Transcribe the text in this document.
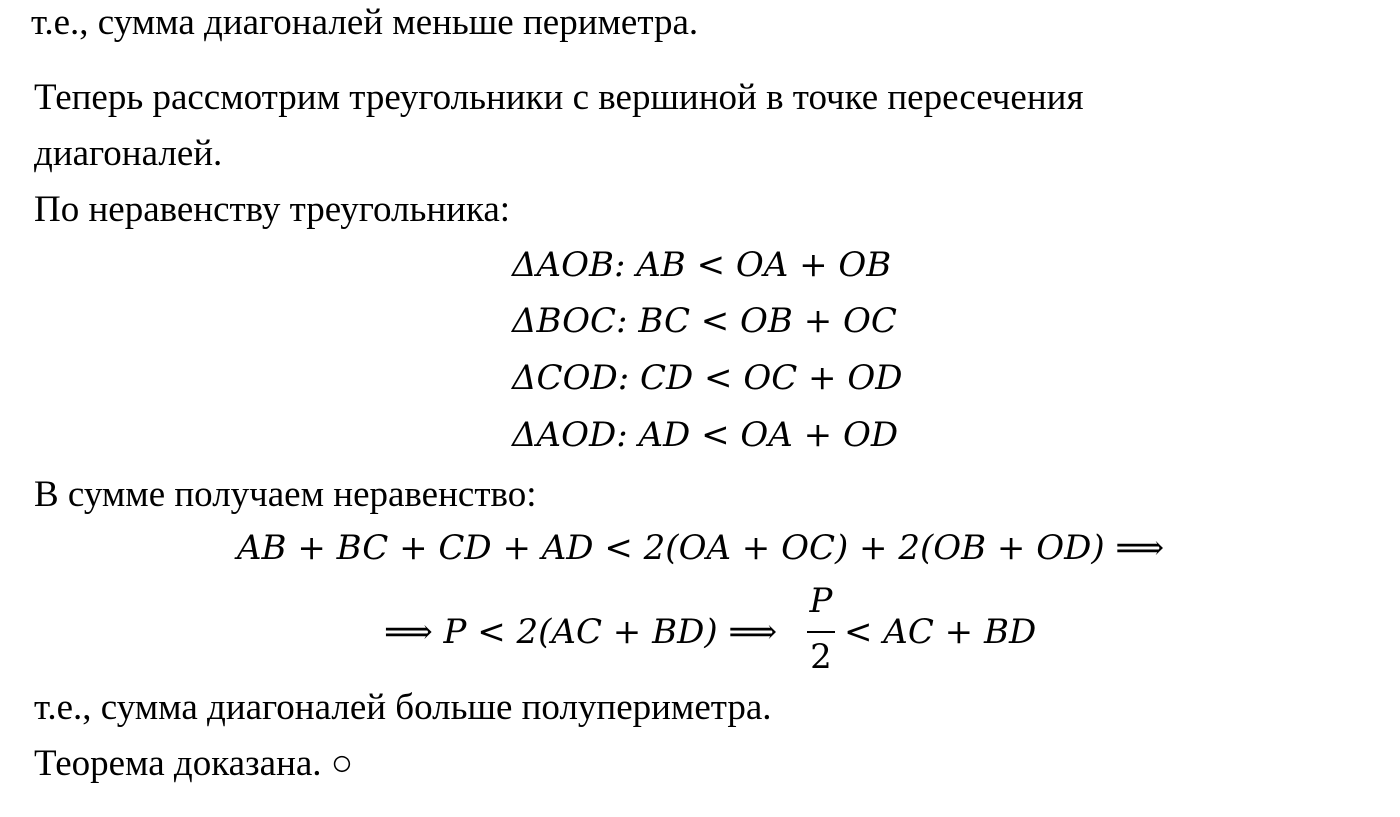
т.е., сумма диагоналей меньше периметра.
Теперь рассмотрим треугольники с вершиной в точке пересечения
диагоналей.
По неравенству треугольника:
ΔAOB: AB < OA + OB
ΔBOC: BC < OB + OC
ΔCOD: CD < OC + OD
ΔAOD: AD < OA + OD
В сумме получаем неравенство:
AB + BC + CD + AD < 2(OA + OC) + 2(OB + OD) ⟹
⟹ P < 2(AC + BD) ⟹
P
2
< AC + BD
т.е., сумма диагоналей больше полупериметра.
Теорема доказана. ○
